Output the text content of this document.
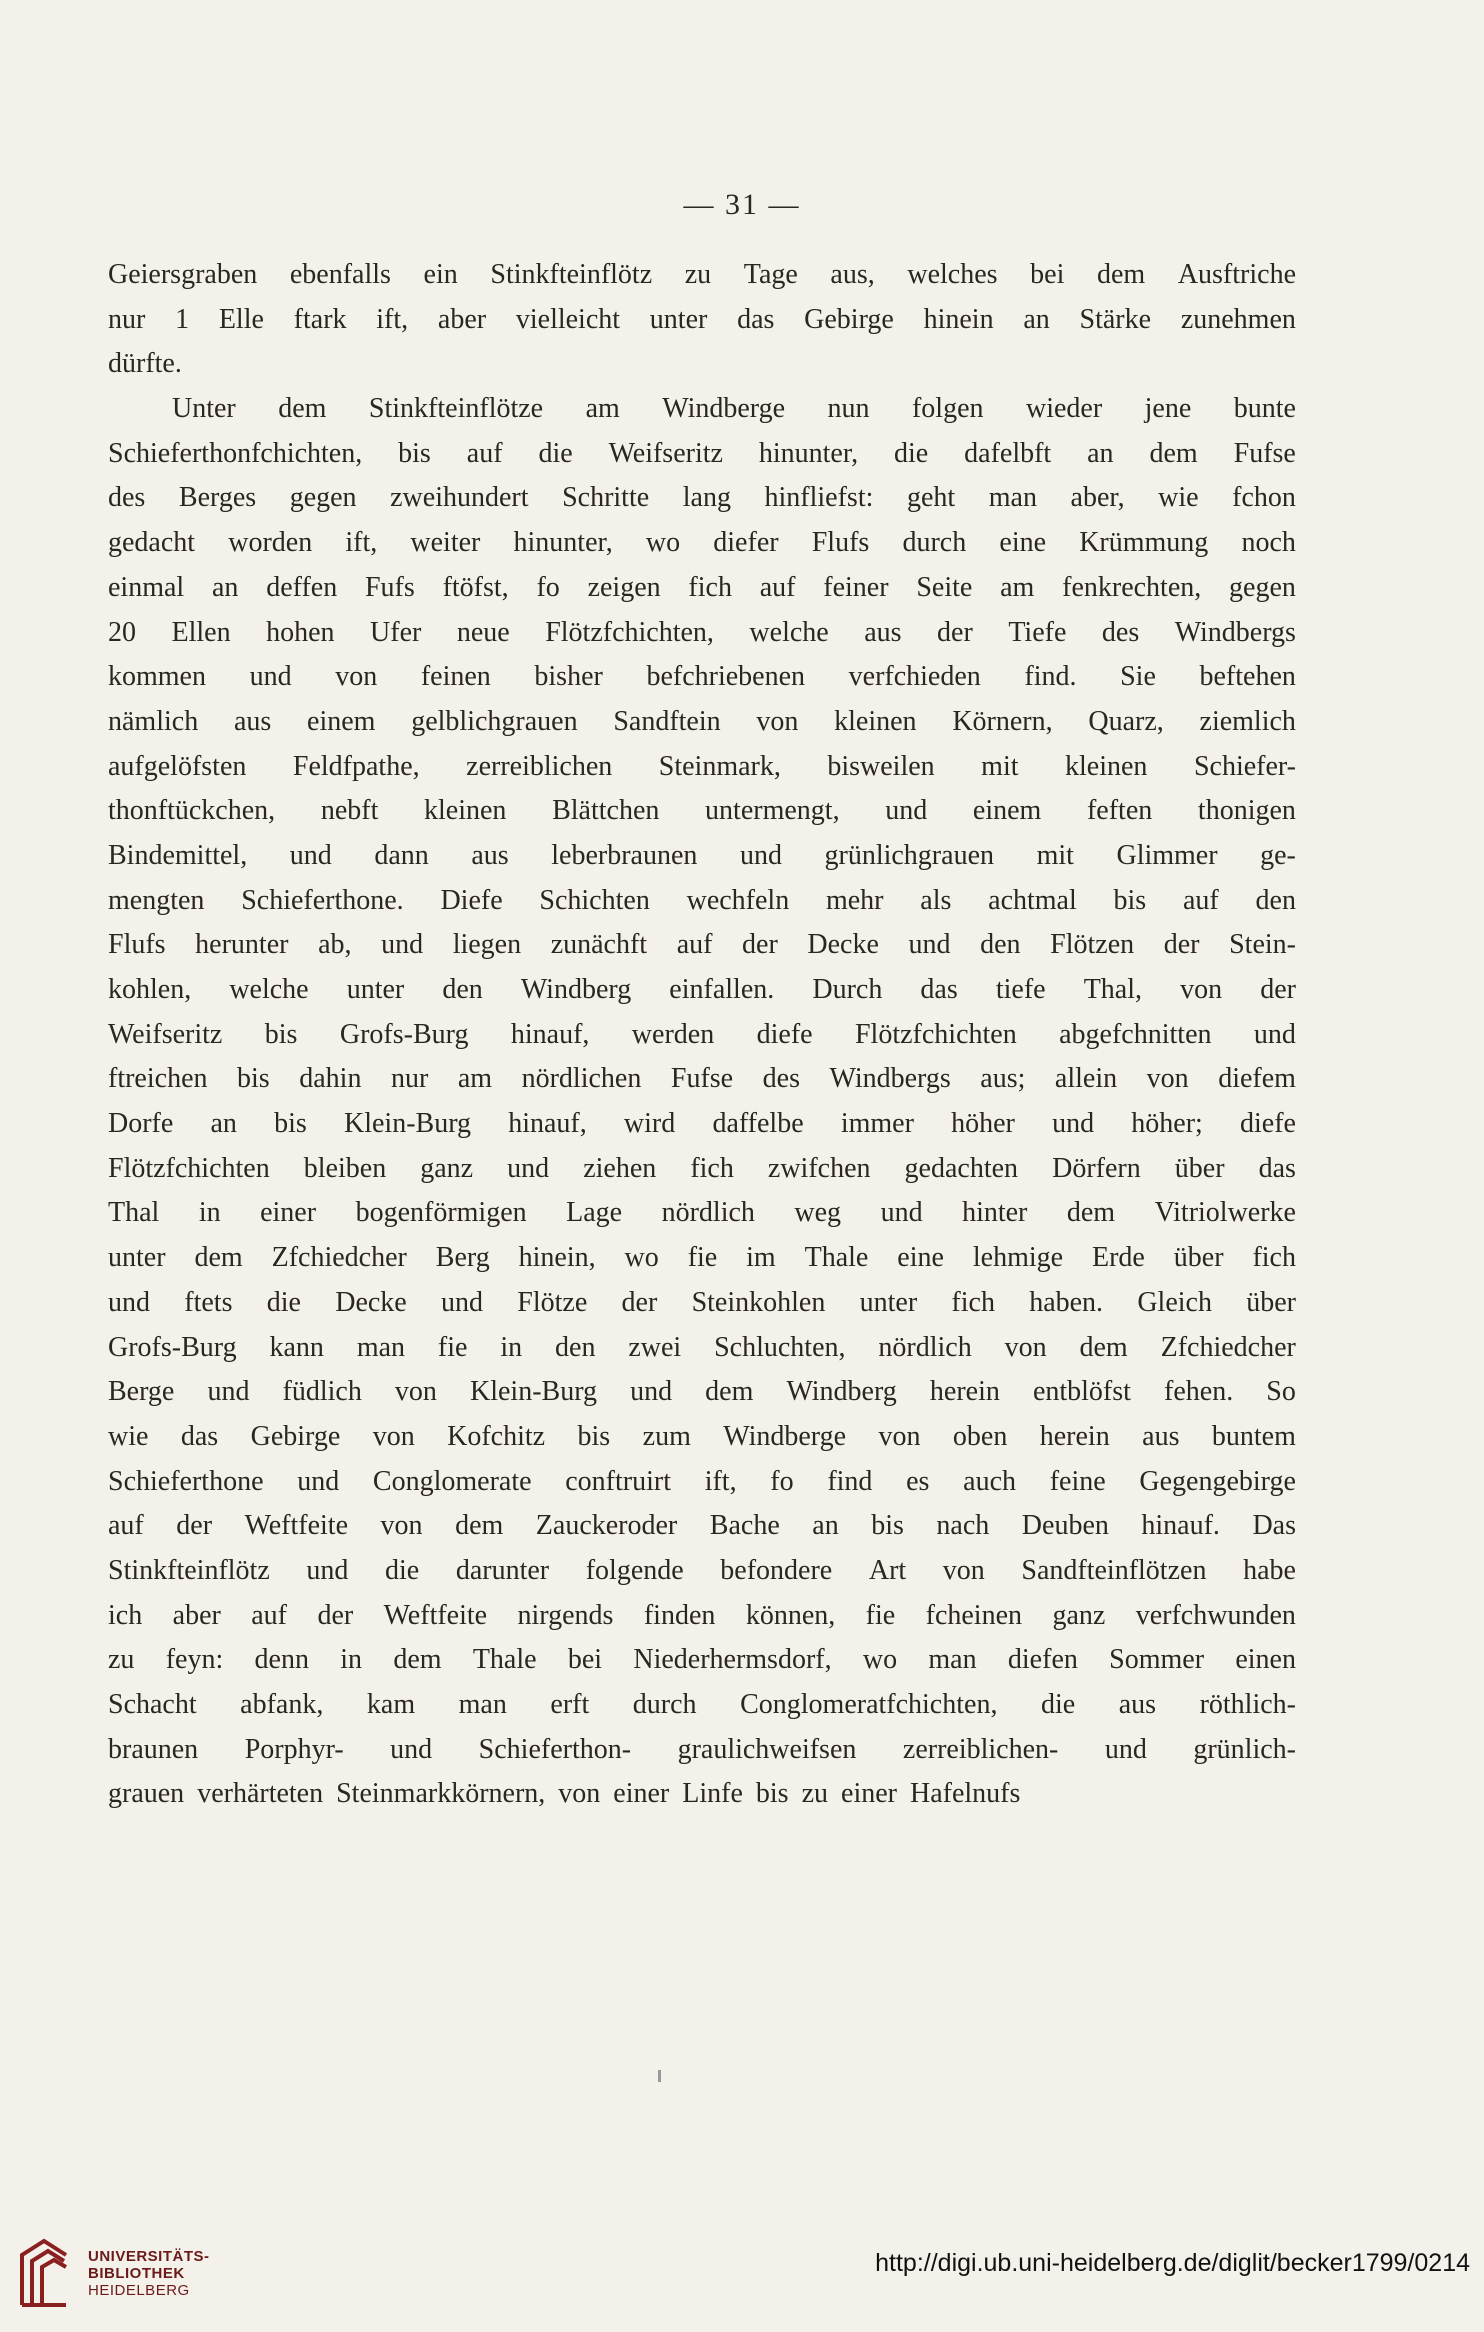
— 31 —
Geiersgraben ebenfalls ein Stinkfteinflötz zu Tage aus, welches bei dem Ausftriche
nur 1 Elle ftark ift, aber vielleicht unter das Gebirge hinein an Stärke zunehmen
dürfte.
Unter dem Stinkfteinflötze am Windberge nun folgen wieder jene bunte
Schieferthonfchichten, bis auf die Weifseritz hinunter, die dafelbft an dem Fufse
des Berges gegen zweihundert Schritte lang hinfliefst: geht man aber, wie fchon
gedacht worden ift, weiter hinunter, wo diefer Flufs durch eine Krümmung noch
einmal an deffen Fufs ftöfst, fo zeigen fich auf feiner Seite am fenkrechten, gegen
20 Ellen hohen Ufer neue Flötzfchichten, welche aus der Tiefe des Windbergs
kommen und von feinen bisher befchriebenen verfchieden find. Sie beftehen
nämlich aus einem gelblichgrauen Sandftein von kleinen Körnern, Quarz, ziemlich
aufgelöfsten Feldfpathe, zerreiblichen Steinmark, bisweilen mit kleinen Schiefer-
thonftückchen, nebft kleinen Blättchen untermengt, und einem feften thonigen
Bindemittel, und dann aus leberbraunen und grünlichgrauen mit Glimmer ge-
mengten Schieferthone. Diefe Schichten wechfeln mehr als achtmal bis auf den
Flufs herunter ab, und liegen zunächft auf der Decke und den Flötzen der Stein-
kohlen, welche unter den Windberg einfallen. Durch das tiefe Thal, von der
Weifseritz bis Grofs-Burg hinauf, werden diefe Flötzfchichten abgefchnitten und
ftreichen bis dahin nur am nördlichen Fufse des Windbergs aus; allein von diefem
Dorfe an bis Klein-Burg hinauf, wird daffelbe immer höher und höher; diefe
Flötzfchichten bleiben ganz und ziehen fich zwifchen gedachten Dörfern über das
Thal in einer bogenförmigen Lage nördlich weg und hinter dem Vitriolwerke
unter dem Zfchiedcher Berg hinein, wo fie im Thale eine lehmige Erde über fich
und ftets die Decke und Flötze der Steinkohlen unter fich haben. Gleich über
Grofs-Burg kann man fie in den zwei Schluchten, nördlich von dem Zfchiedcher
Berge und füdlich von Klein-Burg und dem Windberg herein entblöfst fehen. So
wie das Gebirge von Kofchitz bis zum Windberge von oben herein aus buntem
Schieferthone und Conglomerate conftruirt ift, fo find es auch feine Gegengebirge
auf der Weftfeite von dem Zauckeroder Bache an bis nach Deuben hinauf. Das
Stinkfteinflötz und die darunter folgende befondere Art von Sandfteinflötzen habe
ich aber auf der Weftfeite nirgends finden können, fie fcheinen ganz verfchwunden
zu feyn: denn in dem Thale bei Niederhermsdorf, wo man diefen Sommer einen
Schacht abfank, kam man erft durch Conglomeratfchichten, die aus röthlich-
braunen Porphyr- und Schieferthon- graulichweifsen zerreiblichen- und grünlich-
grauen verhärteten Steinmarkkörnern, von einer Linfe bis zu einer Hafelnufs
UNIVERSITÄTS-
BIBLIOTHEK
HEIDELBERG
http://digi.ub.uni-heidelberg.de/diglit/becker1799/0214
